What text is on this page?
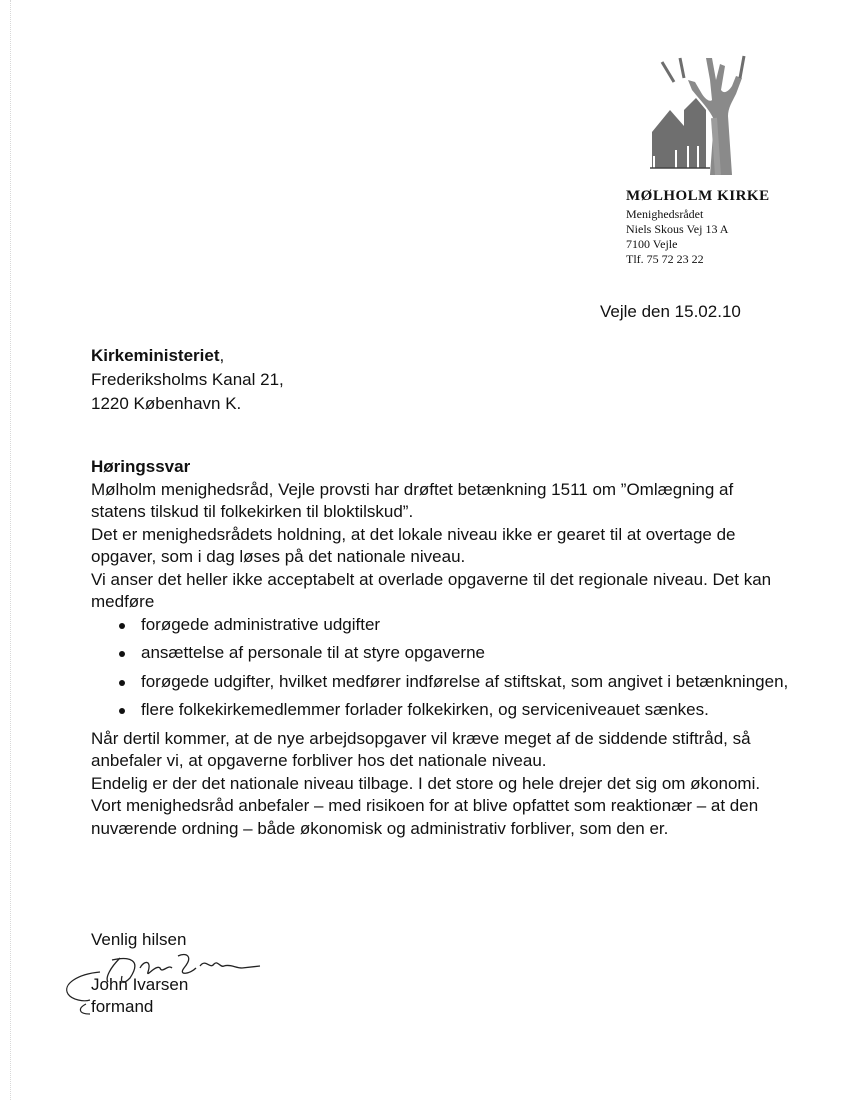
MØLHOLM KIRKE
Menighedsrådet
Niels Skous Vej 13 A
7100 Vejle
Tlf. 75 72 23 22
Vejle den 15.02.10
Kirkeministeriet,
Frederiksholms Kanal 21,
1220 København K.

Høringssvar

Mølholm menighedsråd, Vejle provsti har drøftet betænkning 1511 om ”Omlægning af statens tilskud til folkekirken til bloktilskud”.

Det er menighedsrådets holdning, at det lokale niveau ikke er gearet til at overtage de opgaver, som i dag løses på det nationale niveau.

Vi anser det heller ikke acceptabelt at overlade opgaverne til det regionale niveau. Det kan medføre

forøgede administrative udgifter
ansættelse af personale til at styre opgaverne
forøgede udgifter, hvilket medfører indførelse af stiftskat, som angivet i betænkningen,
flere folkekirkemedlemmer forlader folkekirken, og serviceniveauet sænkes.

Når dertil kommer, at de nye arbejdsopgaver vil kræve meget af de siddende stiftråd, så anbefaler vi, at opgaverne forbliver hos det nationale niveau.

Endelig er der det nationale niveau tilbage. I det store og hele drejer det sig om økonomi. Vort menighedsråd anbefaler – med risikoen for at blive opfattet som reaktionær – at den nuværende ordning – både økonomisk og administrativ forbliver, som den er.

Venlig hilsen
John Ivarsen
formand
